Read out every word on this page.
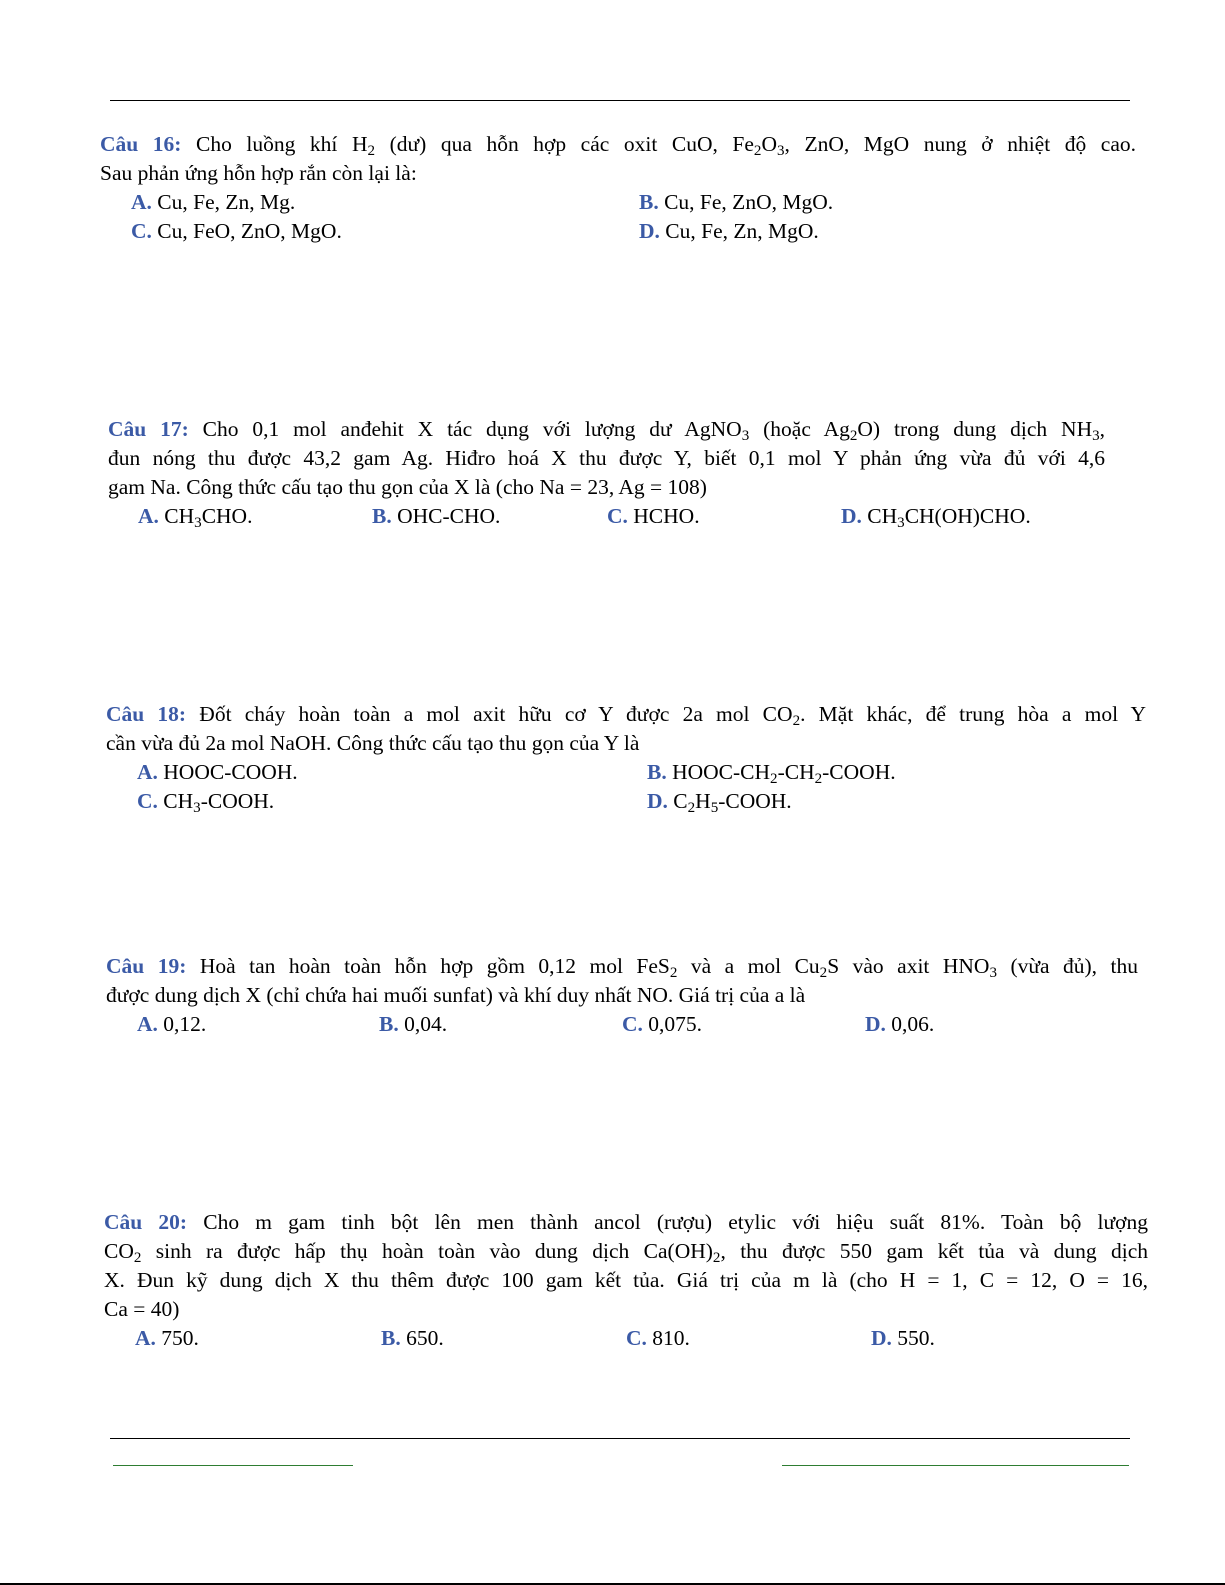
Câu 16: Cho luồng khí $H_2$ (dư) qua hỗn hợp các oxit CuO, $Fe_2O_3$, ZnO, MgO nung ở nhiệt độ cao.

Sau phản ứng hỗn hợp rắn còn lại là:

A. Cu, Fe, Zn, Mg.	B. Cu, Fe, ZnO, MgO.
C. Cu, FeO, ZnO, MgO.	D. Cu, Fe, Zn, MgO.

Câu 17: Cho 0,1 mol anđehit X tác dụng với lượng dư AgNO$_3$ (hoặc $Ag_2O$) trong dung dịch $NH_3$,

đun nóng thu được 43,2 gam Ag. Hiđro hoá X thu được Y, biết 0,1 mol Y phản ứng vừa đủ với 4,6

gam Na. Công thức cấu tạo thu gọn của X là (cho Na = 23, Ag = 108)

A. $CH_3CHO$.	B. OHC-CHO.	C. HCHO.	D. $CH_3CH(OH)CHO$.

Câu 18: Đốt cháy hoàn toàn a mol axit hữu cơ Y được 2a mol $CO_2$. Mặt khác, để trung hòa a mol Y

cần vừa đủ 2a mol NaOH. Công thức cấu tạo thu gọn của Y là

A. HOOC-COOH.	B. HOOC-$CH_2-CH_2$-COOH.
C. $CH_3$-COOH.	D. $C_2H_5$-COOH.

Câu 19: Hoà tan hoàn toàn hỗn hợp gồm 0,12 mol FeS$_2$ và a mol $Cu_2S$ vào axit $HNO_3$ (vừa đủ), thu

được dung dịch X (chỉ chứa hai muối sunfat) và khí duy nhất NO. Giá trị của a là

A. 0,12.	B. 0,04.	C. 0,075.	D. 0,06.

Câu 20: Cho m gam tinh bột lên men thành ancol (rượu) etylic với hiệu suất 81%. Toàn bộ lượng

$CO_2$ sinh ra được hấp thụ hoàn toàn vào dung dịch $Ca(OH)_2$, thu được 550 gam kết tủa và dung dịch

X. Đun kỹ dung dịch X thu thêm được 100 gam kết tủa. Giá trị của m là (cho H = 1, C = 12, O = 16,

Ca = 40)

A. 750.	B. 650.	C. 810.	D. 550.
